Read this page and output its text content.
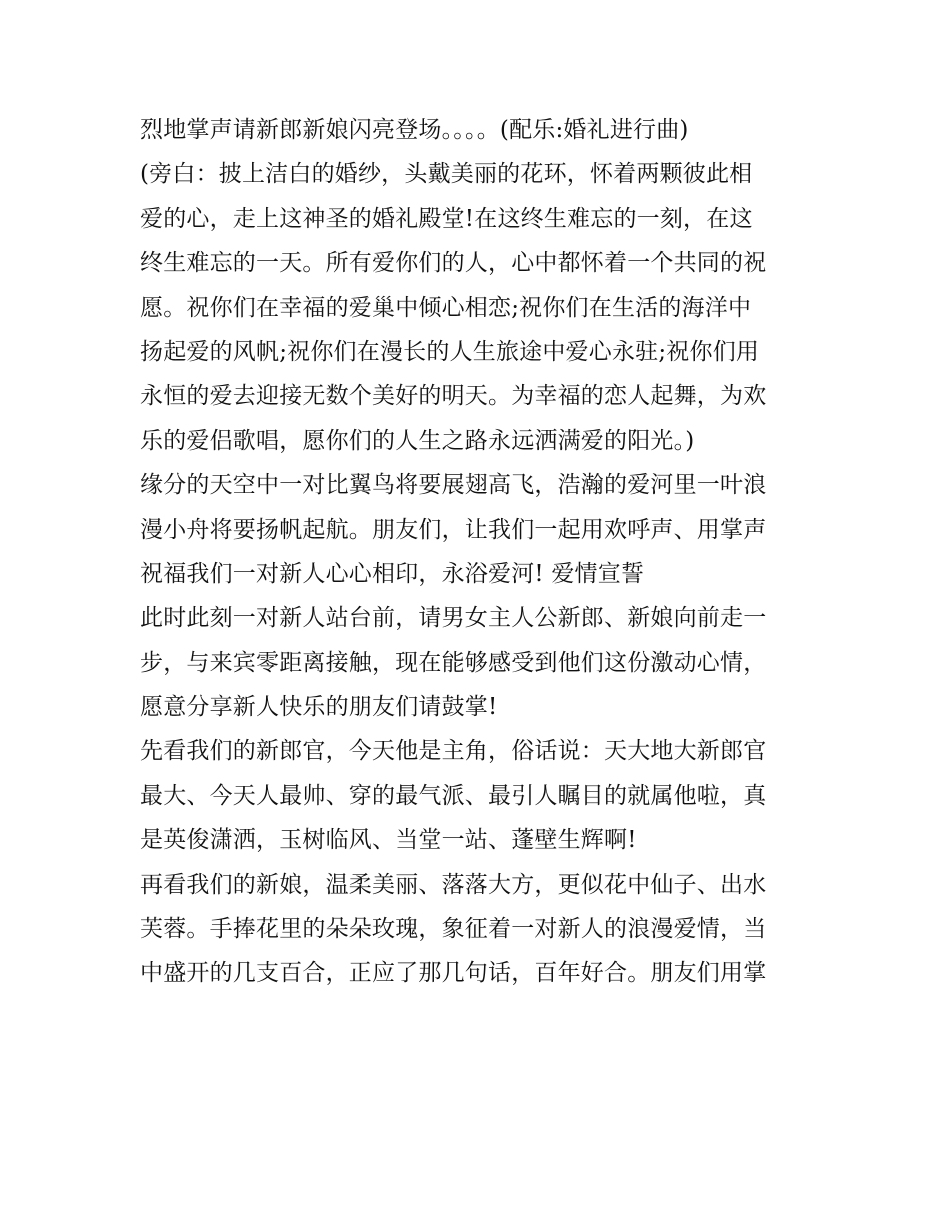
烈地掌声请新郎新娘闪亮登场。。。。(配乐:婚礼进行曲)
(旁白：披上洁白的婚纱，头戴美丽的花环，怀着两颗彼此相
爱的心，走上这神圣的婚礼殿堂!在这终生难忘的一刻，在这
终生难忘的一天。所有爱你们的人，心中都怀着一个共同的祝
愿。祝你们在幸福的爱巢中倾心相恋;祝你们在生活的海洋中
扬起爱的风帆;祝你们在漫长的人生旅途中爱心永驻;祝你们用
永恒的爱去迎接无数个美好的明天。为幸福的恋人起舞，为欢
乐的爱侣歌唱，愿你们的人生之路永远洒满爱的阳光。)
缘分的天空中一对比翼鸟将要展翅高飞，浩瀚的爱河里一叶浪
漫小舟将要扬帆起航。朋友们，让我们一起用欢呼声、用掌声
祝福我们一对新人心心相印，永浴爱河! 爱情宣誓
此时此刻一对新人站台前，请男女主人公新郎、新娘向前走一
步，与来宾零距离接触，现在能够感受到他们这份激动心情，
愿意分享新人快乐的朋友们请鼓掌!
先看我们的新郎官，今天他是主角，俗话说：天大地大新郎官
最大、今天人最帅、穿的最气派、最引人瞩目的就属他啦，真
是英俊潇洒，玉树临风、当堂一站、蓬壁生辉啊!
再看我们的新娘，温柔美丽、落落大方，更似花中仙子、出水
芙蓉。手捧花里的朵朵玫瑰，象征着一对新人的浪漫爱情，当
中盛开的几支百合，正应了那几句话，百年好合。朋友们用掌
